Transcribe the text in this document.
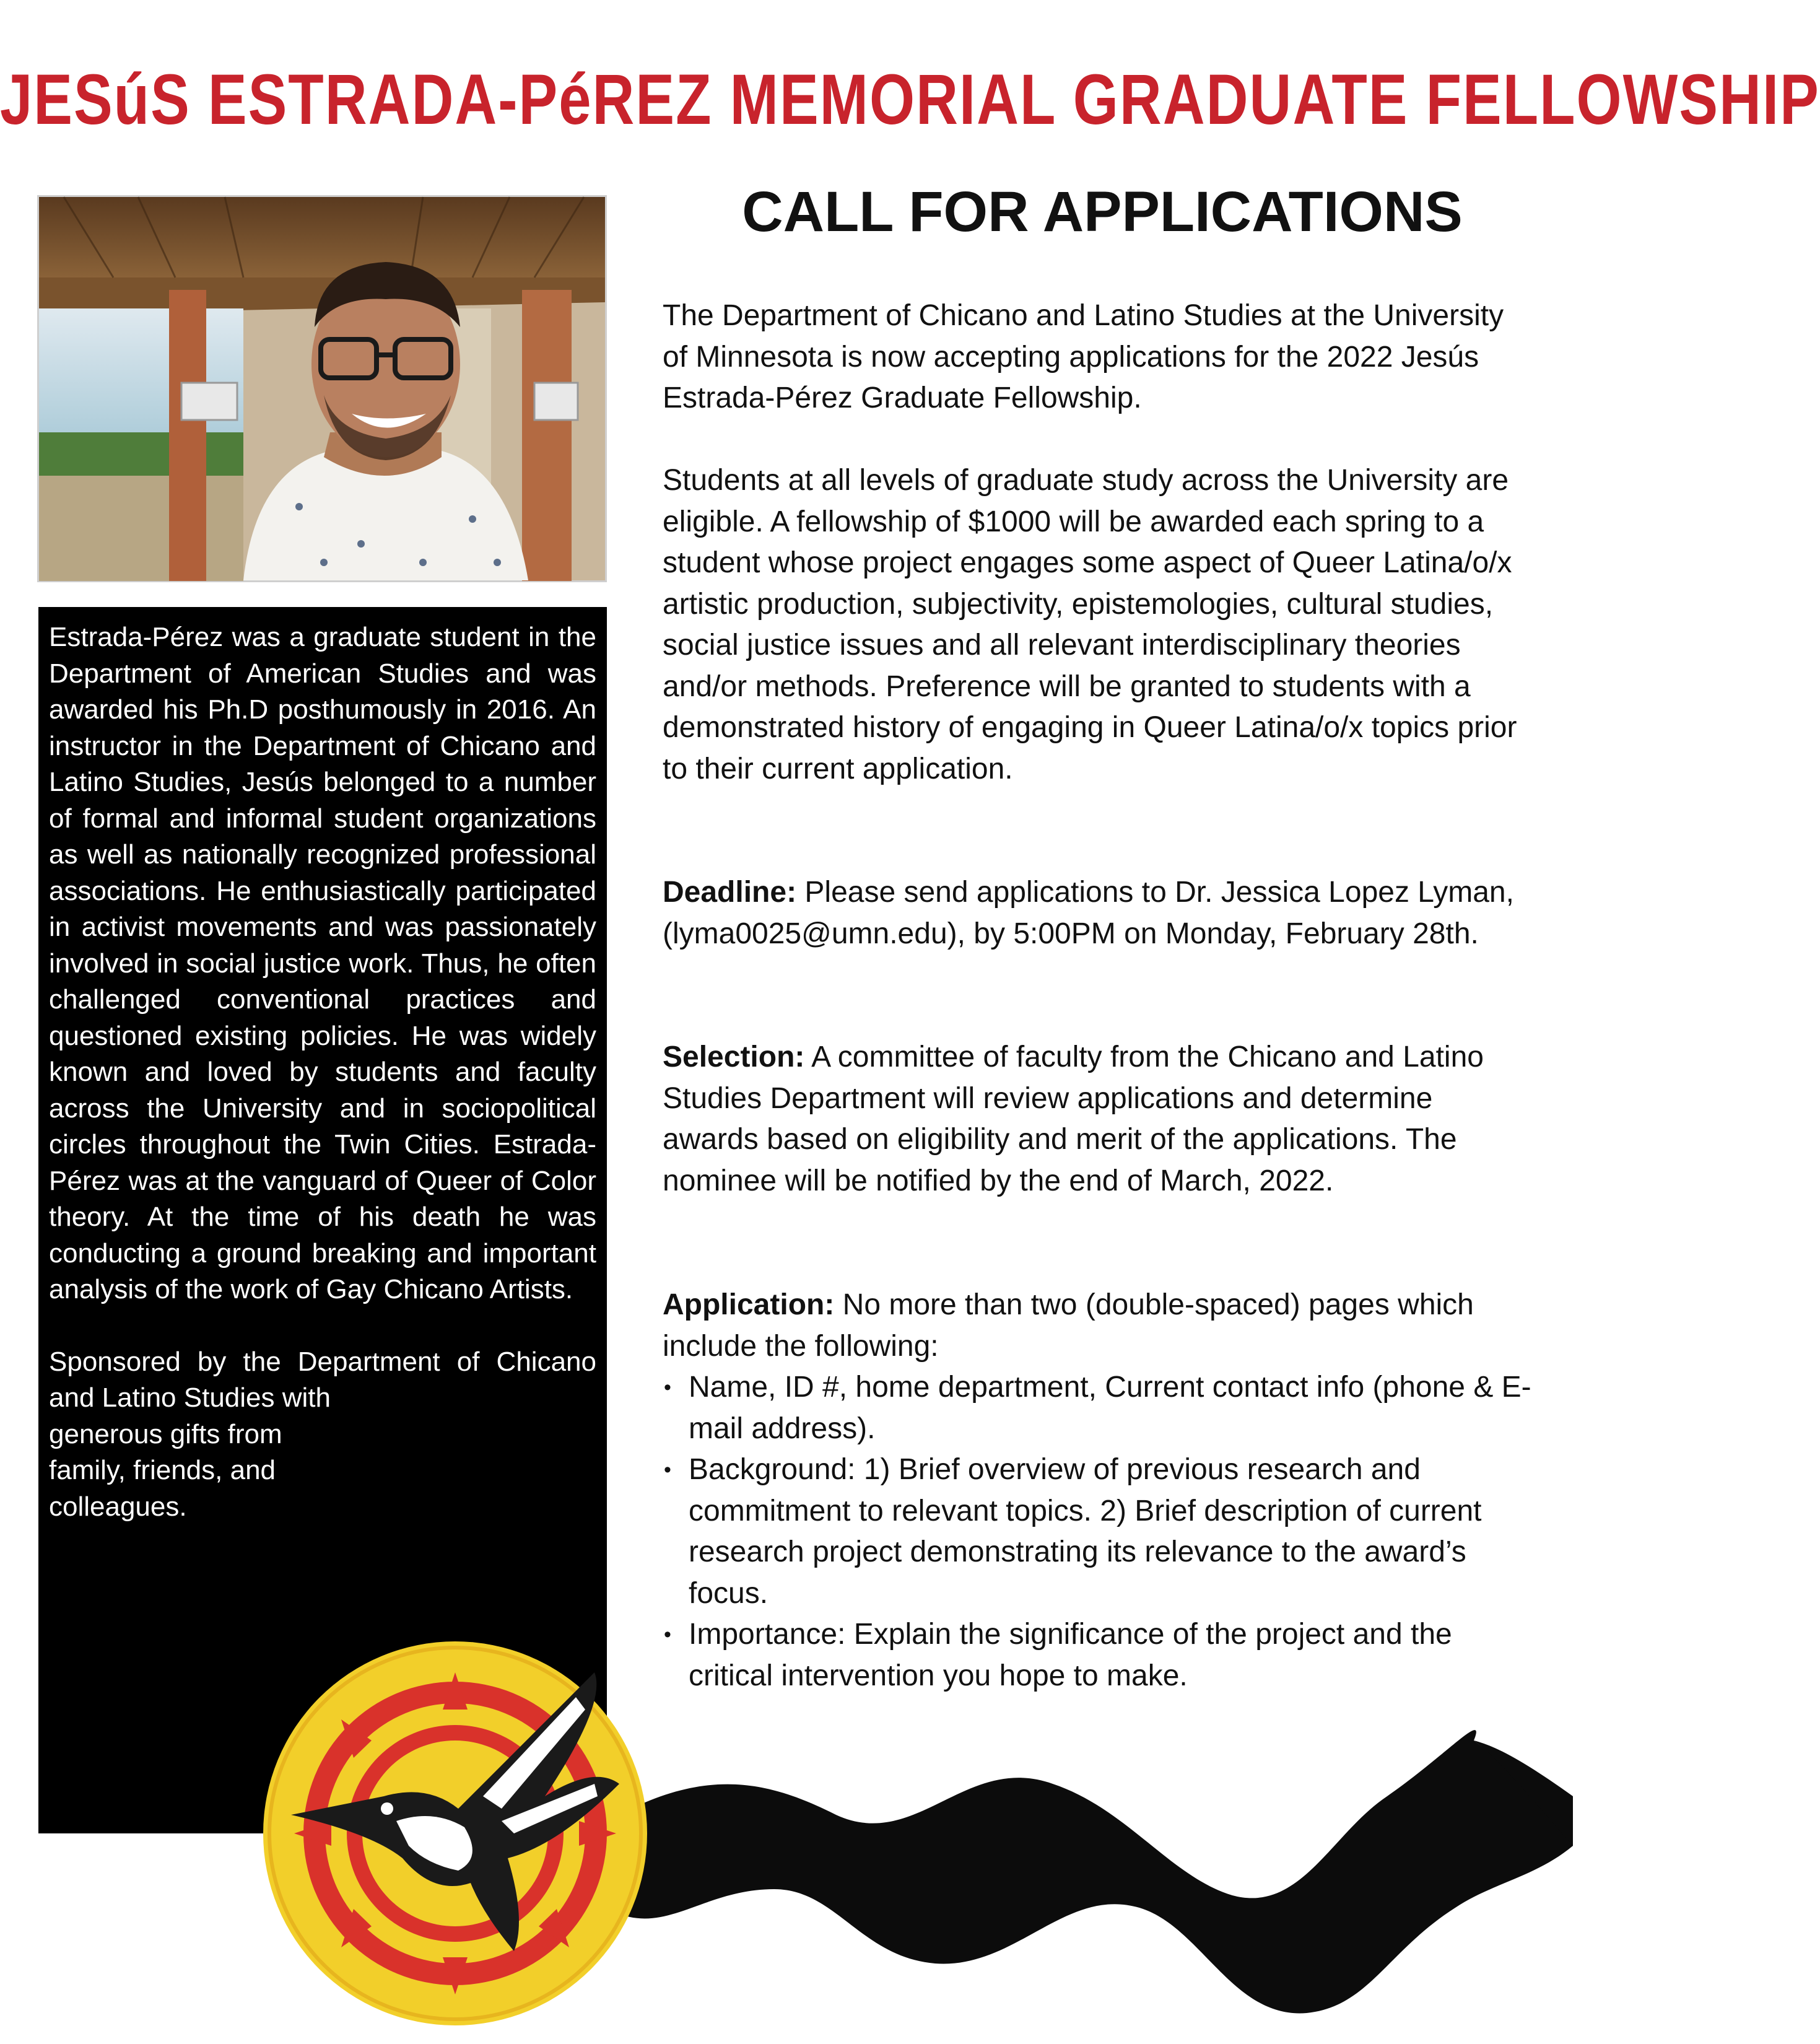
JESúS ESTRADA-PéREZ MEMORIAL GRADUATE FELLOWSHIP

Estrada-Pérez was a graduate student in the Department of American Studies and was awarded his Ph.D posthumously in 2016. An instructor in the Department of Chicano and Latino Studies, Jesús belonged to a number of formal and informal student organizations as well as nationally recognized professional associations. He enthusiastically participated in activist movements and was passionately involved in social justice work. Thus, he often challenged conventional practices and questioned existing policies. He was widely known and loved by students and faculty across the University and in sociopolitical circles throughout the Twin Cities. Estrada-Pérez was at the vanguard of Queer of Color theory. At the time of his death he was conducting a ground breaking and important analysis of the work of Gay Chicano Artists.

Sponsored by the Department of Chicano and Latino Studies with

generous gifts from family, friends, and colleagues.

CALL FOR APPLICATIONS

The Department of Chicano and Latino Studies at the University of Minnesota is now accepting applications for the 2022 Jesús Estrada-Pérez Graduate Fellowship.

Students at all levels of graduate study across the University are eligible. A fellowship of $1000 will be awarded each spring to a student whose project engages some aspect of Queer Latina/o/x artistic production, subjectivity, epistemologies, cultural studies, social justice issues and all relevant interdisciplinary theories and/or methods. Preference will be granted to students with a demonstrated history of engaging in Queer Latina/o/x topics prior to their current application.

Deadline: Please send applications to Dr. Jessica Lopez Lyman, (lyma0025@umn.edu), by 5:00PM on Monday, February 28th.

Selection: A committee of faculty from the Chicano and Latino Studies Department will review applications and determine awards based on eligibility and merit of the applications. The nominee will be notified by the end of March, 2022.

Application: No more than two (double-spaced) pages which include the following:

• Name, ID #, home department, Current contact info (phone & E-mail address).
• Background: 1) Brief overview of previous research and commitment to relevant topics. 2) Brief description of current research project demonstrating its relevance to the award’s focus.
• Importance: Explain the significance of the project and the critical intervention you hope to make.
